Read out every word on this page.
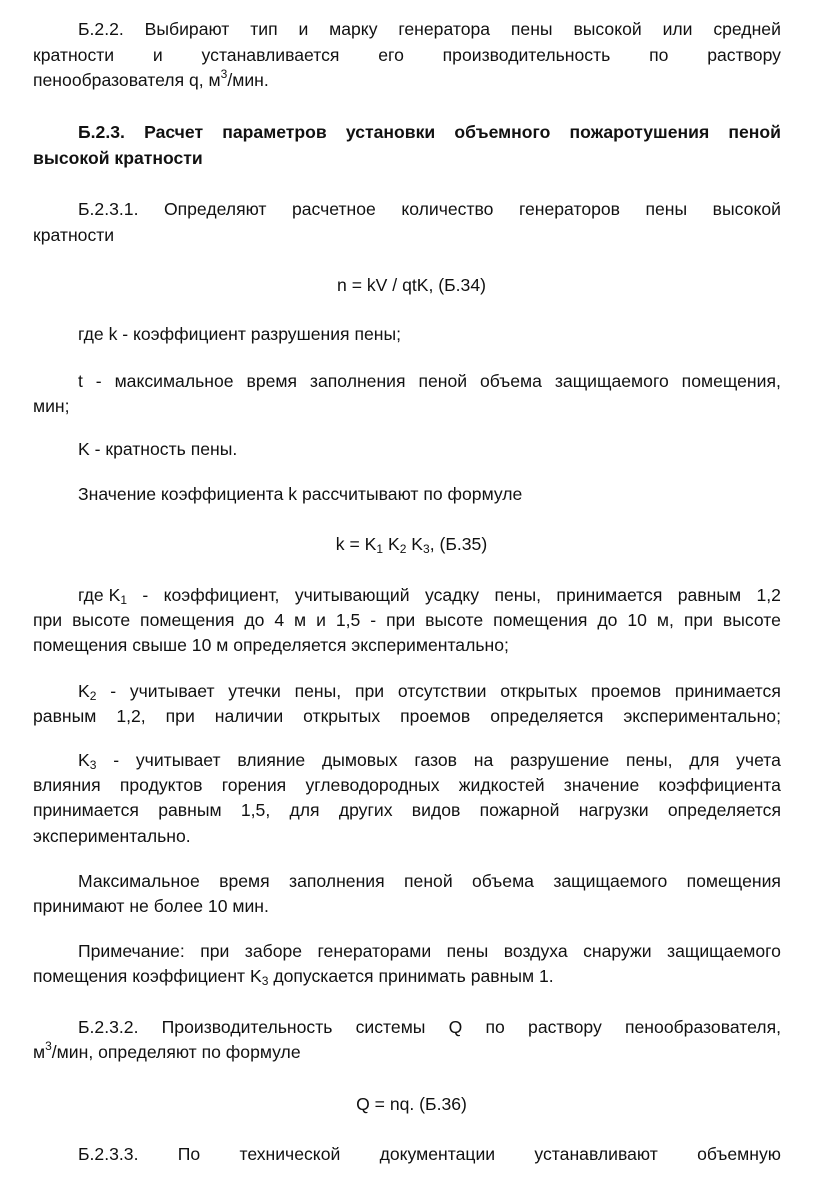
Б.2.2. Выбирают тип и марку генератора пены высокой или средней
кратности и устанавливается его производительность по раствору
пенообразователя q, $м^3$/мин.
Б.2.3. Расчет параметров установки объемного пожаротушения пеной
высокой кратности
Б.2.3.1. Определяют расчетное количество генераторов пены высокой
кратности
n = kV / qtK, (Б.34)
где k - коэффициент разрушения пены;
t - максимальное время заполнения пеной объема защищаемого помещения,
мин;
K - кратность пены.
Значение коэффициента k рассчитывают по формуле
$k = K_1$ $K_2$ $K_3$, (Б.35)
где $K_1$ - коэффициент, учитывающий усадку пены, принимается равным 1,2
при высоте помещения до 4 м и 1,5 - при высоте помещения до 10 м, при высоте
помещения свыше 10 м определяется экспериментально;
$K_2$ - учитывает утечки пены, при отсутствии открытых проемов принимается
равным 1,2, при наличии открытых проемов определяется экспериментально;
$K_3$ - учитывает влияние дымовых газов на разрушение пены, для учета
влияния продуктов горения углеводородных жидкостей значение коэффициента
принимается равным 1,5, для других видов пожарной нагрузки определяется
экспериментально.
Максимальное время заполнения пеной объема защищаемого помещения
принимают не более 10 мин.
Примечание: при заборе генераторами пены воздуха снаружи защищаемого
помещения коэффициент $K_3$ допускается принимать равным 1.
Б.2.3.2. Производительность системы Q по раствору пенообразователя,
$м^3$/мин, определяют по формуле
Q = nq. (Б.36)
Б.2.3.3. По технической документации устанавливают объемную
